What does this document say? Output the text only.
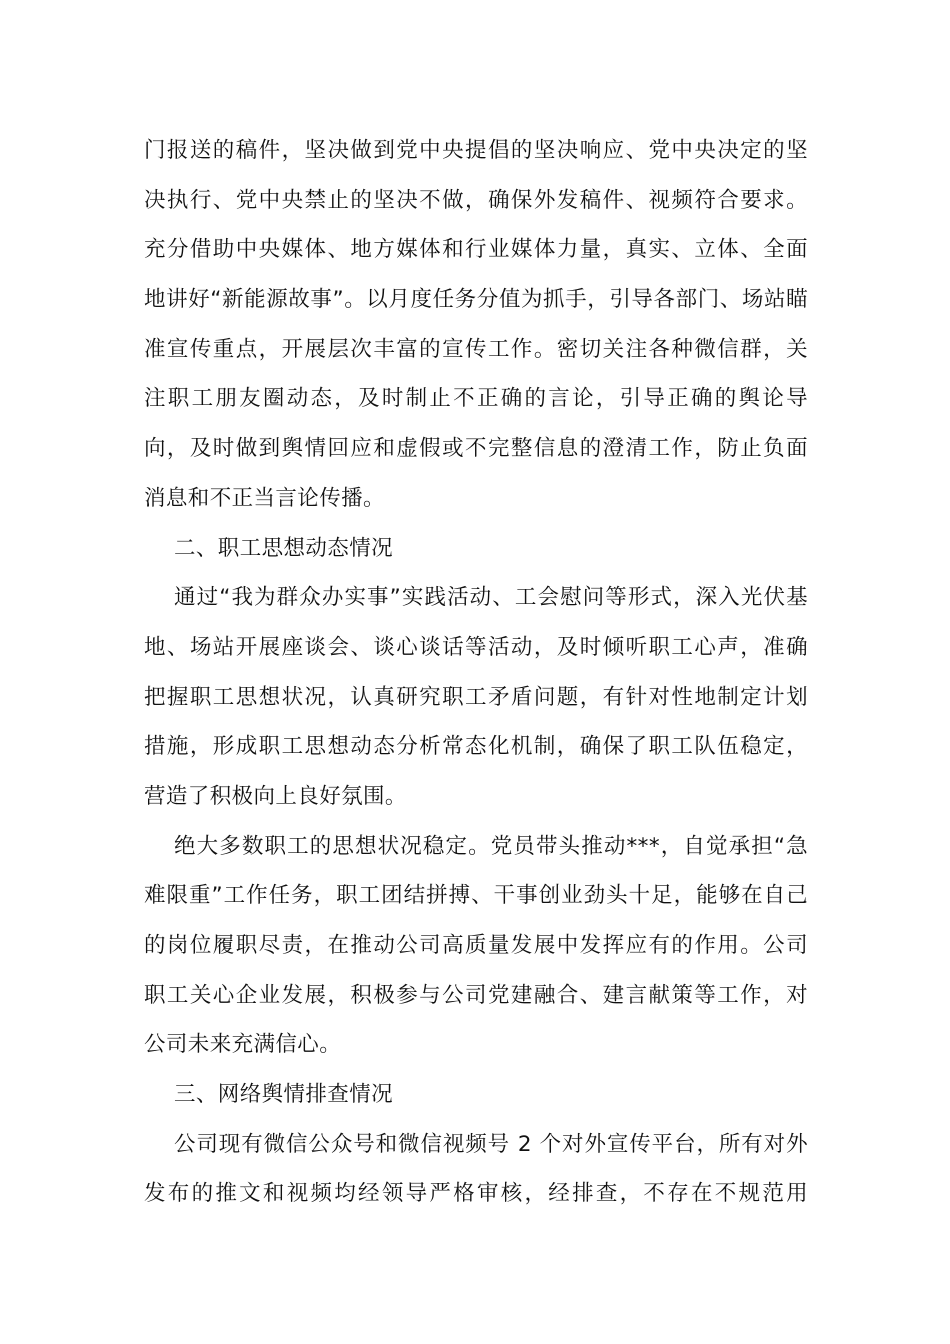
门报送的稿件，坚决做到党中央提倡的坚决响应、党中央决定的坚
决执行、党中央禁止的坚决不做，确保外发稿件、视频符合要求。
充分借助中央媒体、地方媒体和行业媒体力量，真实、立体、全面
地讲好“新能源故事”。以月度任务分值为抓手，引导各部门、场站瞄
准宣传重点，开展层次丰富的宣传工作。密切关注各种微信群，关
注职工朋友圈动态，及时制止不正确的言论，引导正确的舆论导
向，及时做到舆情回应和虚假或不完整信息的澄清工作，防止负面
消息和不正当言论传播。
二、职工思想动态情况
通过“我为群众办实事”实践活动、工会慰问等形式，深入光伏基
地、场站开展座谈会、谈心谈话等活动，及时倾听职工心声，准确
把握职工思想状况，认真研究职工矛盾问题，有针对性地制定计划
措施，形成职工思想动态分析常态化机制，确保了职工队伍稳定，
营造了积极向上良好氛围。
绝大多数职工的思想状况稳定。党员带头推动***，自觉承担“急
难限重”工作任务，职工团结拼搏、干事创业劲头十足，能够在自己
的岗位履职尽责，在推动公司高质量发展中发挥应有的作用。公司
职工关心企业发展，积极参与公司党建融合、建言献策等工作，对
公司未来充满信心。
三、网络舆情排查情况
公司现有微信公众号和微信视频号 2 个对外宣传平台，所有对外
发布的推文和视频均经领导严格审核，经排查，不存在不规范用
